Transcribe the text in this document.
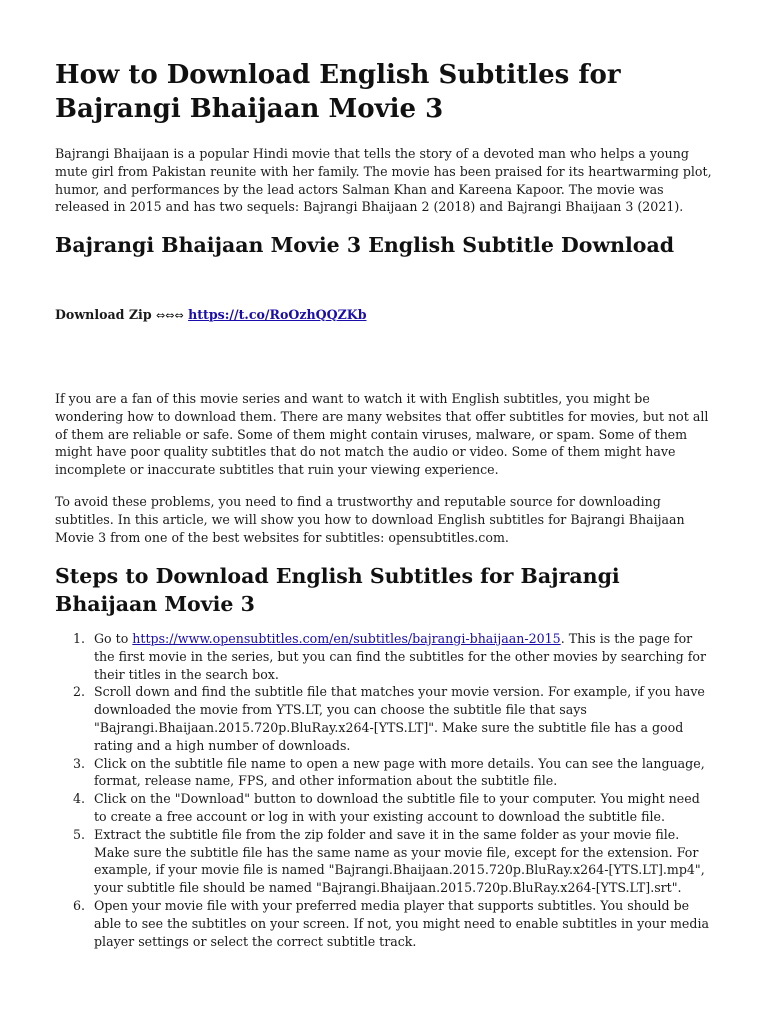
How to Download English Subtitles for Bajrangi Bhaijaan Movie 3

Bajrangi Bhaijaan is a popular Hindi movie that tells the story of a devoted man who helps a young mute girl from Pakistan reunite with her family. The movie has been praised for its heartwarming plot, humor, and performances by the lead actors Salman Khan and Kareena Kapoor. The movie was released in 2015 and has two sequels: Bajrangi Bhaijaan 2 (2018) and Bajrangi Bhaijaan 3 (2021).

Bajrangi Bhaijaan Movie 3 English Subtitle Download
Download Zip ⇔⇔⇔ https://t.co/RoOzhQQZKb

If you are a fan of this movie series and want to watch it with English subtitles, you might be wondering how to download them. There are many websites that offer subtitles for movies, but not all of them are reliable or safe. Some of them might contain viruses, malware, or spam. Some of them might have poor quality subtitles that do not match the audio or video. Some of them might have incomplete or inaccurate subtitles that ruin your viewing experience.

To avoid these problems, you need to find a trustworthy and reputable source for downloading subtitles. In this article, we will show you how to download English subtitles for Bajrangi Bhaijaan Movie 3 from one of the best websites for subtitles: opensubtitles.com.

Steps to Download English Subtitles for Bajrangi Bhaijaan Movie 3
1. Go to https://www.opensubtitles.com/en/subtitles/bajrangi-bhaijaan-2015. This is the page for the first movie in the series, but you can find the subtitles for the other movies by searching for their titles in the search box.
2. Scroll down and find the subtitle file that matches your movie version. For example, if you have downloaded the movie from YTS.LT, you can choose the subtitle file that says "Bajrangi.Bhaijaan.2015.720p.BluRay.x264-[YTS.LT]". Make sure the subtitle file has a good rating and a high number of downloads.
3. Click on the subtitle file name to open a new page with more details. You can see the language, format, release name, FPS, and other information about the subtitle file.
4. Click on the "Download" button to download the subtitle file to your computer. You might need to create a free account or log in with your existing account to download the subtitle file.
5. Extract the subtitle file from the zip folder and save it in the same folder as your movie file. Make sure the subtitle file has the same name as your movie file, except for the extension. For example, if your movie file is named "Bajrangi.Bhaijaan.2015.720p.BluRay.x264-[YTS.LT].mp4", your subtitle file should be named "Bajrangi.Bhaijaan.2015.720p.BluRay.x264-[YTS.LT].srt".
6. Open your movie file with your preferred media player that supports subtitles. You should be able to see the subtitles on your screen. If not, you might need to enable subtitles in your media player settings or select the correct subtitle track.
